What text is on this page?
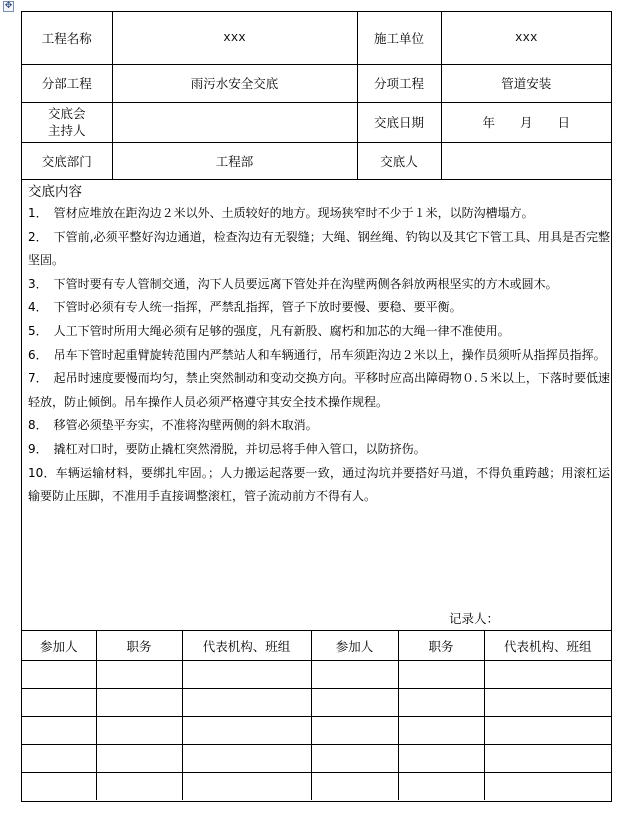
✥
工程名称	xxx	施工单位	xxx
分部工程	雨污水安全交底	分项工程	管道安装

交底会
主持人		交底日期	年　　月　　日
交底部门	工程部	交底人	
交底内容
1．　管材应堆放在距沟边２米以外、土质较好的地方。现场狭窄时不少于１米，以防沟槽塌方。
2．　下管前,必须平整好沟边通道，检查沟边有无裂缝；大绳、钢丝绳、钓钩以及其它下管工具、用具是否完整坚固。
3．　下管时要有专人管制交通，沟下人员要远离下管处并在沟壁两侧各斜放两根坚实的方木或圆木。
4．　下管时必须有专人统一指挥，严禁乱指挥，管子下放时要慢、要稳、要平衡。
5．　人工下管时所用大绳必须有足够的强度，凡有新股、腐朽和加芯的大绳一律不准使用。
6．　吊车下管时起重臂旋转范围内严禁站人和车辆通行，吊车须距沟边２米以上，操作员须听从指挥员指挥。
7．　起吊时速度要慢而均匀，禁止突然制动和变动交换方向。平移时应高出障碍物０.５米以上，下落时要低速轻放，防止倾倒。吊车操作人员必须严格遵守其安全技术操作规程。
8．　移管必须垫平夯实，不准将沟壁两侧的斜木取消。
9．　撬杠对口时，要防止撬杠突然滑脱，并切忌将手伸入管口，以防挤伤。
10．车辆运输材料，要绑扎牢固。；人力搬运起落要一致，通过沟坑并要搭好马道，不得负重跨越；用滚杠运输要防止压脚，不准用手直接调整滚杠，管子流动前方不得有人。
记录人：
参加人	职务	代表机构、班组	参加人	职务	代表机构、班组
